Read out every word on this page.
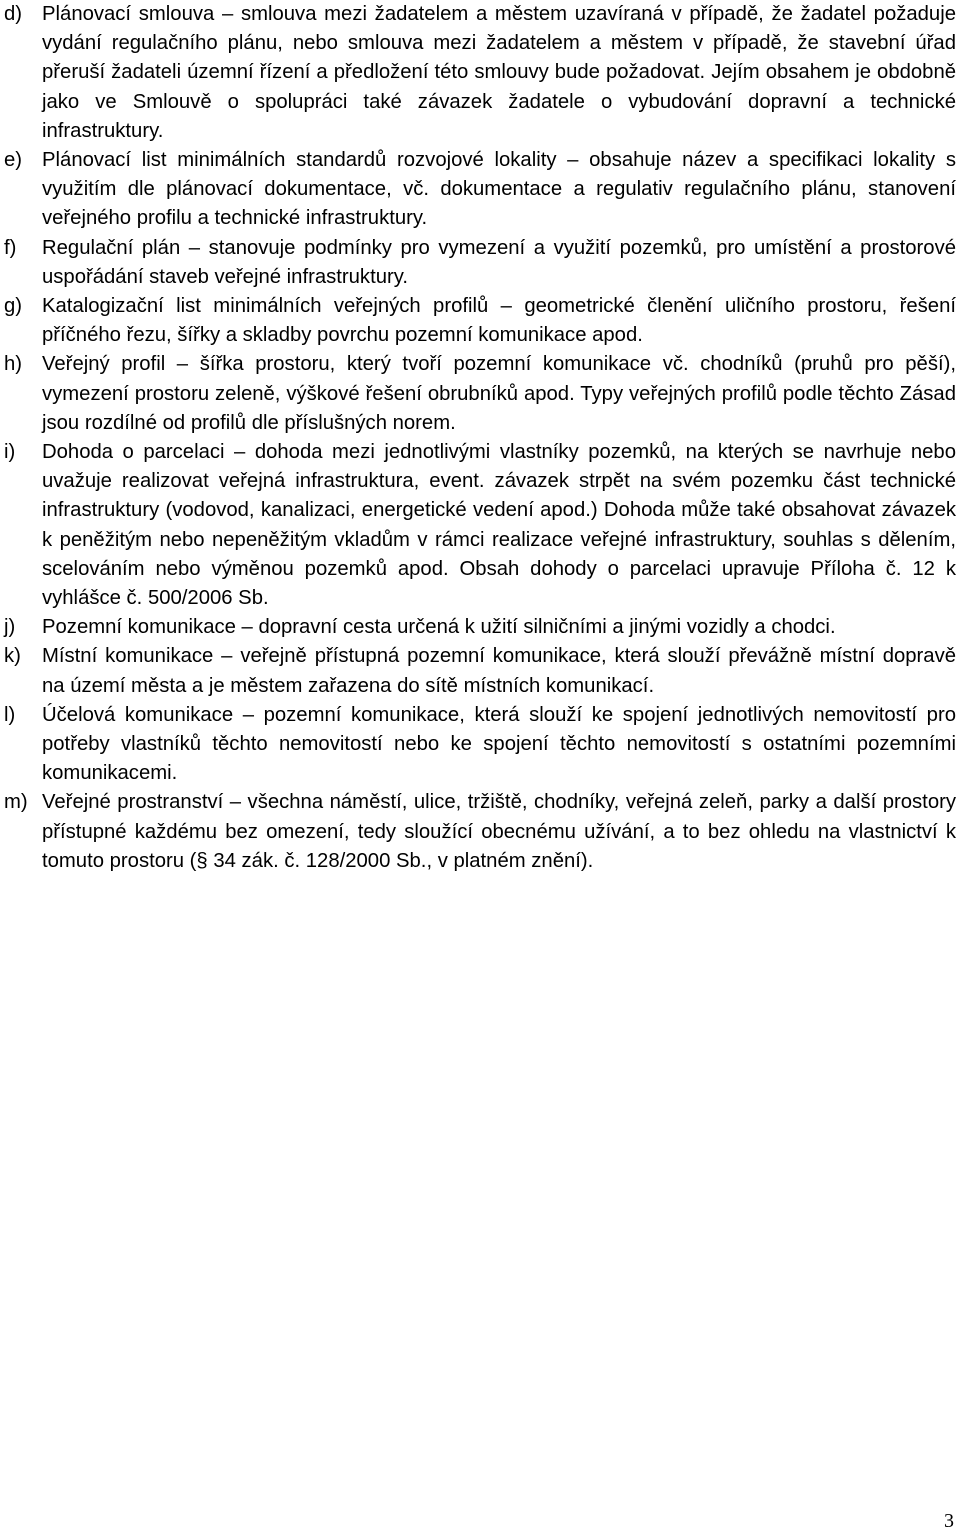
d) Plánovací smlouva – smlouva mezi žadatelem a městem uzavíraná v případě, že žadatel požaduje vydání regulačního plánu, nebo smlouva mezi žadatelem a městem v případě, že stavební úřad přeruší žadateli územní řízení a předložení této smlouvy bude požadovat. Jejím obsahem je obdobně jako ve Smlouvě o spolupráci také závazek žadatele o vybudování dopravní a technické infrastruktury.
e) Plánovací list minimálních standardů rozvojové lokality – obsahuje název a specifikaci lokality s využitím dle plánovací dokumentace, vč. dokumentace a regulativ regulačního plánu, stanovení veřejného profilu a technické infrastruktury.
f)	Regulační plán – stanovuje podmínky pro vymezení a využití pozemků, pro umístění a prostorové uspořádání staveb veřejné infrastruktury.
g) Katalogizační list minimálních veřejných profilů – geometrické členění uličního prostoru, řešení příčného řezu, šířky a skladby povrchu pozemní komunikace apod.
h) Veřejný profil – šířka prostoru, který tvoří pozemní komunikace vč. chodníků (pruhů pro pěší), vymezení prostoru zeleně, výškové řešení obrubníků apod. Typy veřejných profilů podle těchto Zásad jsou rozdílné od profilů dle příslušných norem.
i)	Dohoda o parcelaci – dohoda mezi jednotlivými vlastníky pozemků, na kterých se navrhuje nebo uvažuje realizovat veřejná infrastruktura, event. závazek strpět na svém pozemku část technické infrastruktury (vodovod, kanalizaci, energetické vedení apod.) Dohoda může také obsahovat závazek k peněžitým nebo nepeněžitým vkladům v rámci realizace veřejné infrastruktury, souhlas s dělením, scelováním nebo výměnou pozemků apod. Obsah dohody o parcelaci upravuje Příloha č. 12 k vyhlášce č. 500/2006 Sb.
j)	Pozemní komunikace – dopravní cesta určená k užití silničními a jinými vozidly a chodci.
k)	Místní komunikace – veřejně přístupná pozemní komunikace, která slouží převážně místní dopravě na území města a je městem zařazena do sítě místních komunikací.
l)	Účelová komunikace – pozemní komunikace, která slouží ke spojení jednotlivých nemovitostí pro potřeby vlastníků těchto nemovitostí nebo ke spojení těchto nemovitostí s ostatními pozemními komunikacemi.
m) Veřejné prostranství – všechna náměstí, ulice, tržiště, chodníky, veřejná zeleň, parky a další prostory přístupné každému bez omezení, tedy sloužící obecnému užívání, a to bez ohledu na vlastnictví k tomuto prostoru (§ 34 zák. č. 128/2000 Sb., v platném znění).
3
